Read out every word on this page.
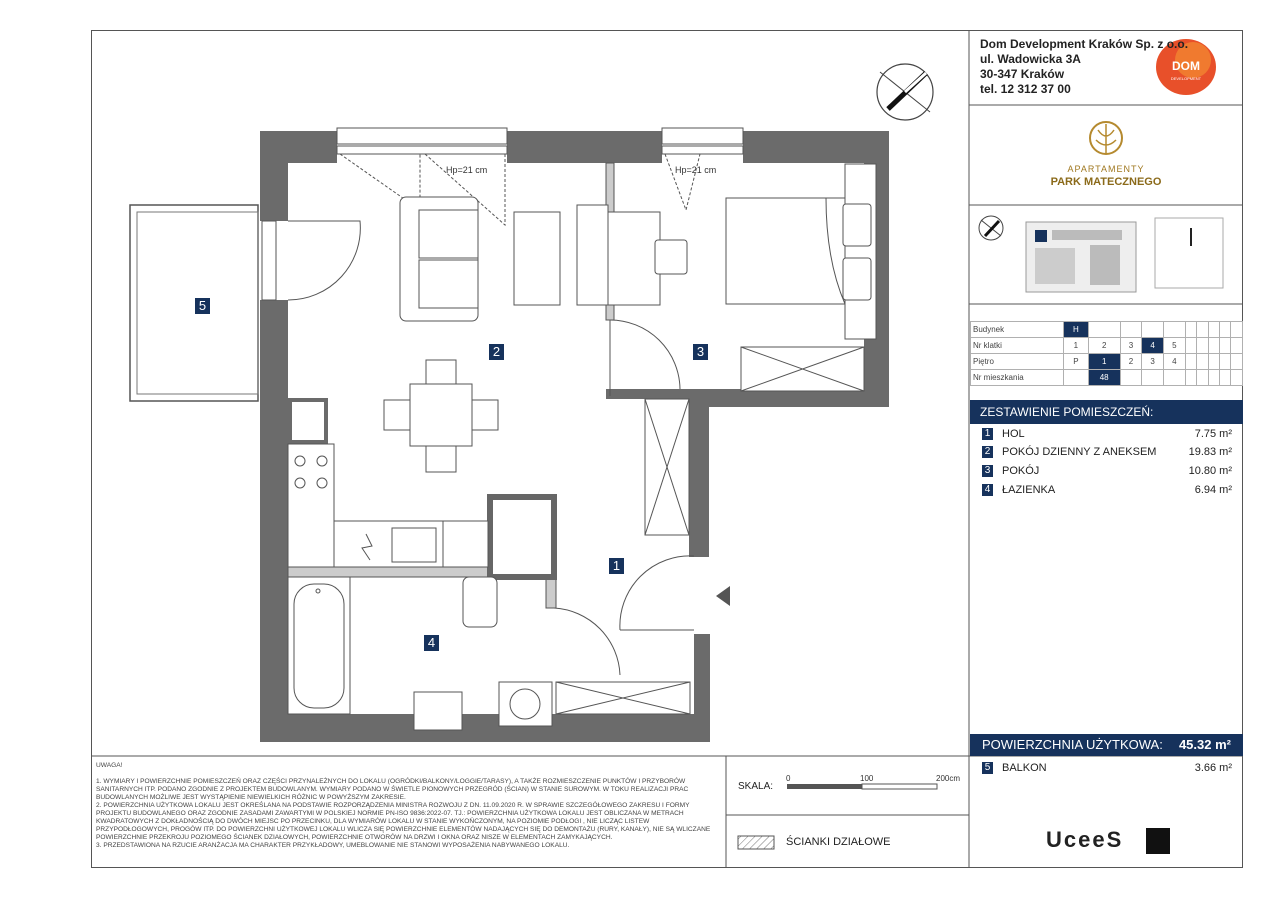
APARTAMENTY
PARK MATECZNEGO
DOM
DEVELOPMENT
Hp=21 cm	Hp=21 cm
0	100	200cm
1
2	3
4
5
Dom Development Kraków Sp. z o.o.
ul. Wadowicka 3A
30-347 Kraków
tel. 12 312 37 00
Budynek	H									
Nr klatki	1	2	3	4	5					
Piętro	P	1	2	3	4					
Nr mieszkania		48								
ZESTAWIENIE POMIESZCZEŃ:
1 HOL	7.75 m²
2 POKÓJ DZIENNY Z ANEKSEM	19.83 m²
3 POKÓJ	10.80 m²
4 ŁAZIENKA	6.94 m²
POWIERZCHNIA UŻYTKOWA: 45.32 m²
5 BALKON	3.66 m²

UWAGA!

1. WYMIARY I POWIERZCHNIE POMIESZCZEŃ ORAZ CZĘŚCI PRZYNALEŻNYCH DO LOKALU (OGRÓDKI/BALKONY/LOGGIE/TARASY), A TAKŻE ROZMIESZCZENIE PUNKTÓW I PRZYBORÓW SANITARNYCH ITP. PODANO ZGODNIE Z PROJEKTEM BUDOWLANYM. WYMIARY PODANO W ŚWIETLE PIONOWYCH PRZEGRÓD (ŚCIAN) W STANIE SUROWYM. W TOKU REALIZACJI PRAC BUDOWLANYCH MOŻLIWE JEST WYSTĄPIENIE NIEWIELKICH RÓŻNIC W POWYŻSZYM ZAKRESIE.

2. POWIERZCHNIA UŻYTKOWA LOKALU JEST OKREŚLANA NA PODSTAWIE ROZPORZĄDZENIA MINISTRA ROZWOJU Z DN. 11.09.2020 R. W SPRAWIE SZCZEGÓŁOWEGO ZAKRESU I FORMY PROJEKTU BUDOWLANEGO ORAZ ZGODNIE ZASADAMI ZAWARTYMI W POLSKIEJ NORMIE PN-ISO 9836:2022-07. TJ.: POWIERZCHNIA UŻYTKOWA LOKALU JEST OBLICZANA W METRACH KWADRATOWYCH Z DOKŁADNOŚCIĄ DO DWÓCH MIEJSC PO PRZECINKU, DLA WYMIARÓW LOKALU W STANIE WYKOŃCZONYM, NA POZIOMIE PODŁOGI , NIE LICZĄC LISTEW PRZYPODŁOGOWYCH, PROGÓW ITP. DO POWIERZCHNI UŻYTKOWEJ LOKALU WLICZA SIĘ POWIERZCHNIE ELEMENTÓW NADAJĄCYCH SIĘ DO DEMONTAŻU (RURY, KANAŁY), NIE SĄ WLICZANE POWIERZCHNIE PRZEKROJU POZIOMEGO ŚCIANEK DZIAŁOWYCH, POWIERZCHNIE OTWORÓW NA DRZWI I OKNA ORAZ NISZE W ELEMENTACH ZAMYKAJĄCYCH.

3. PRZEDSTAWIONA NA RZUCIE ARANŻACJA MA CHARAKTER PRZYKŁADOWY, UMEBLOWANIE NIE STANOWI WYPOSAŻENIA NABYWANEGO LOKALU.

SKALA:
ŚCIANKI DZIAŁOWE	UceeS
